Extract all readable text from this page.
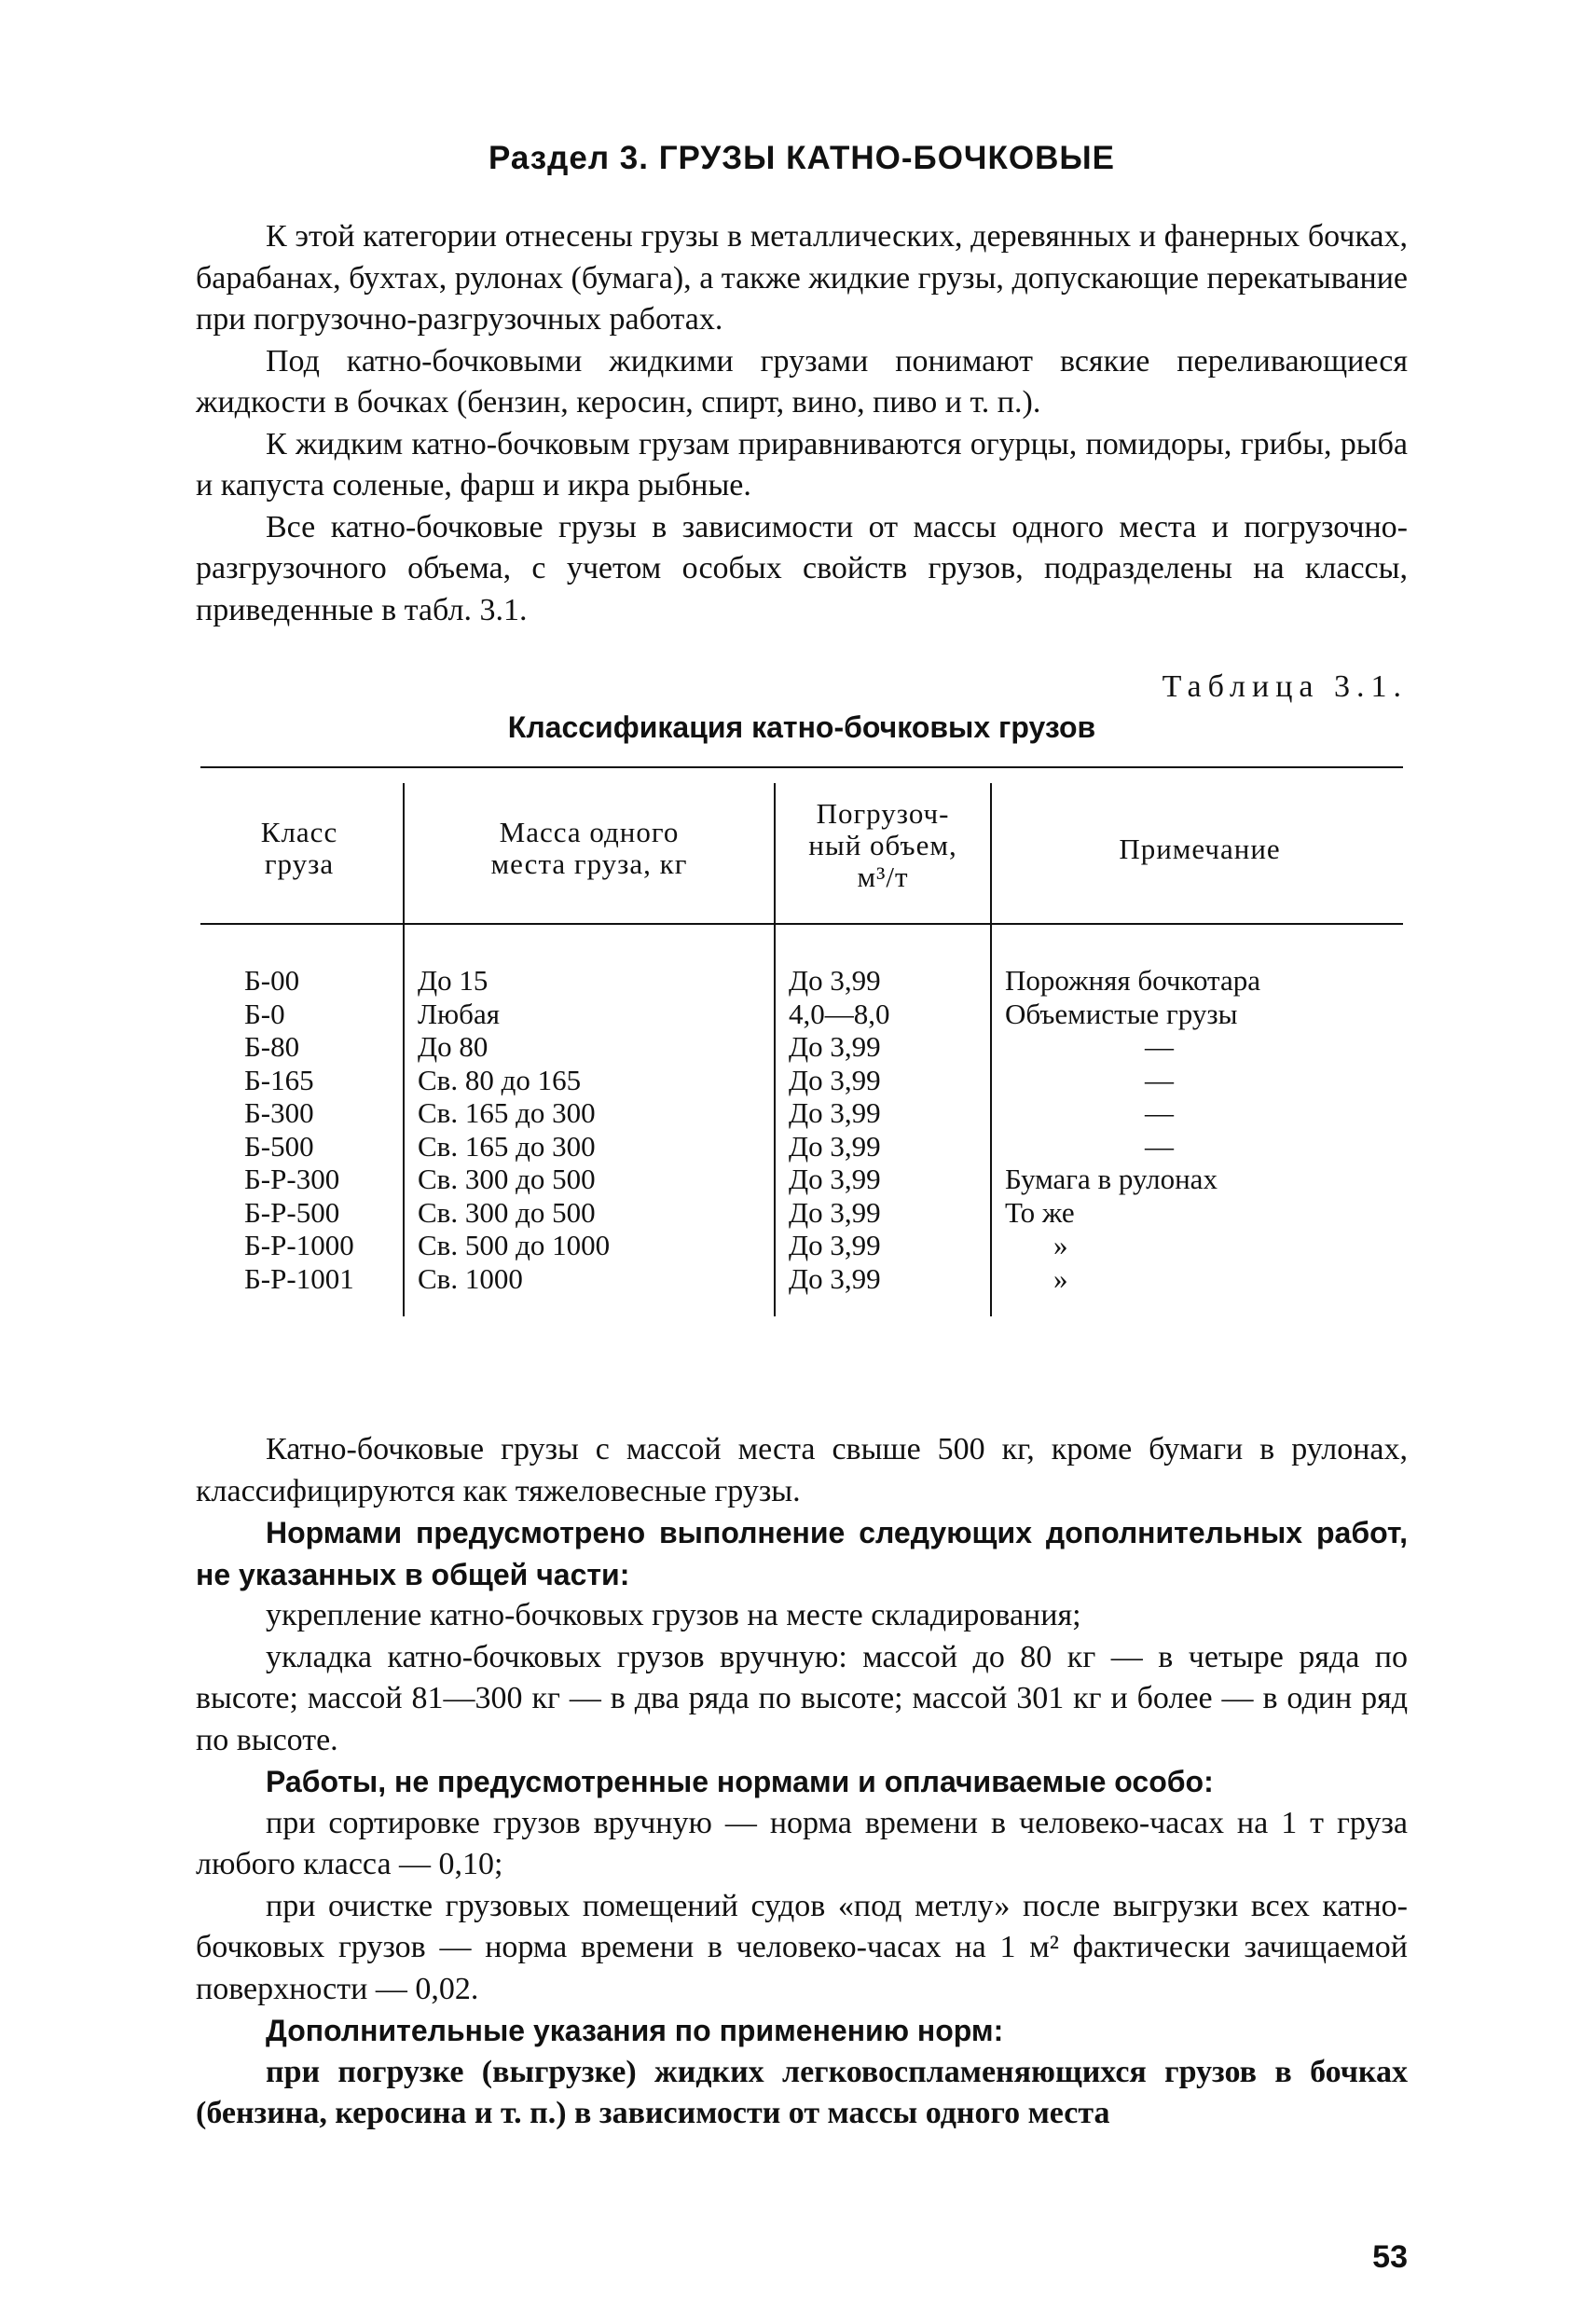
Раздел 3. ГРУЗЫ КАТНО-БОЧКОВЫЕ

К этой категории отнесены грузы в металлических, деревянных и фанерных бочках, барабанах, бухтах, рулонах (бумага), а также жидкие грузы, допускающие перекатывание при погрузочно-разгрузочных работах.

Под катно-бочковыми жидкими грузами понимают всякие переливающиеся жидкости в бочках (бензин, керосин, спирт, вино, пиво и т. п.).

К жидким катно-бочковым грузам приравниваются огурцы, помидоры, грибы, рыба и капуста соленые, фарш и икра рыбные.

Все катно-бочковые грузы в зависимости от массы одного места и погрузочно-разгрузочного объема, с учетом особых свойств грузов, подразделены на классы, приведенные в табл. 3.1.

Таблица 3.1.
Классификация катно-бочковых грузов
Класс
груза
Масса одного
места груза, кг
Погрузоч-
ный объем,
м³/т
Примечание
Б-00
Б-0
Б-80
Б-165
Б-300
Б-500
Б-Р-300
Б-Р-500
Б-Р-1000
Б-Р-1001
До 15
Любая
До 80
Св. 80 до 165
Св. 165 до 300
Св. 165 до 300
Св. 300 до 500
Св. 300 до 500
Св. 500 до 1000
Св. 1000
До 3,99
4,0—8,0
До 3,99
До 3,99
До 3,99
До 3,99
До 3,99
До 3,99
До 3,99
До 3,99
Порожняя бочкотара
Объемистые грузы
—
—
—
—
Бумага в рулонах
То же
»
»

Катно-бочковые грузы с массой места свыше 500 кг, кроме бумаги в рулонах, классифицируются как тяжеловесные грузы.

Нормами предусмотрено выполнение следующих дополнительных работ, не указанных в общей части:

укрепление катно-бочковых грузов на месте складирования;

укладка катно-бочковых грузов вручную: массой до 80 кг — в четыре ряда по высоте; массой 81—300 кг — в два ряда по высоте; массой 301 кг и более — в один ряд по высоте.

Работы, не предусмотренные нормами и оплачиваемые особо:

при сортировке грузов вручную — норма времени в человеко-часах на 1 т груза любого класса — 0,10;

при очистке грузовых помещений судов «под метлу» после выгрузки всех катно-бочковых грузов — норма времени в человеко-часах на 1 м² фактически зачищаемой поверхности — 0,02.

Дополнительные указания по применению норм:

при погрузке (выгрузке) жидких легковоспламеняющихся грузов в бочках (бензина, керосина и т. п.) в зависимости от массы одного места

53
